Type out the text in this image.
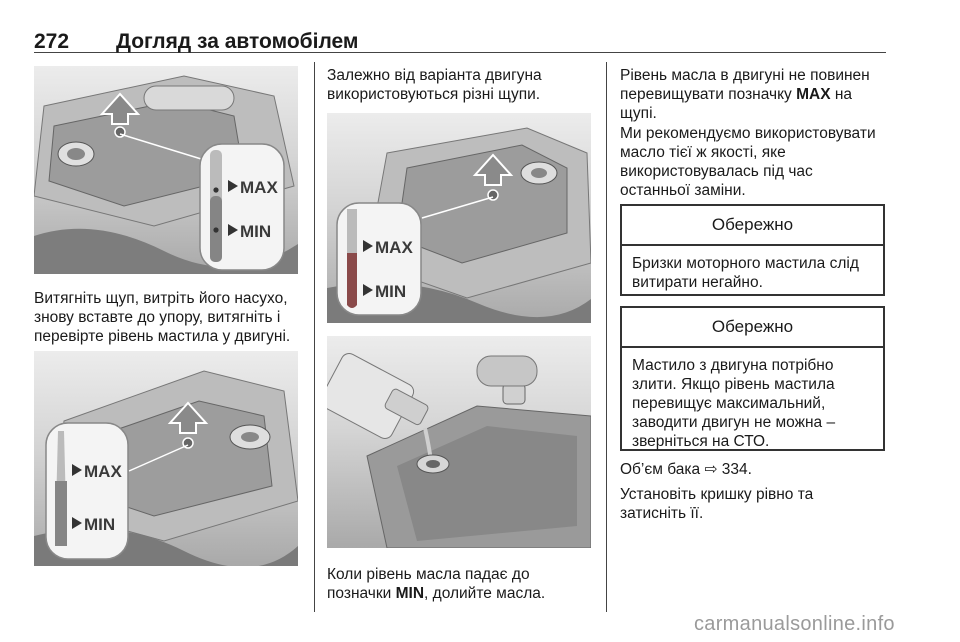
272 Догляд за автомобілем
MAX
MIN

Витягніть щуп, витріть його насухо,
знову вставте до упору, витягніть і
перевірте рівень мастила у двигуні.

MAX
MIN

Залежно від варіанта двигуна
використовуються різні щупи.

MAX
MIN

Коли рівень масла падає до
позначки MIN, долийте масла.

Рівень масла в двигуні не повинен
перевищувати позначку MAX на
щупі.

Ми рекомендуємо використовувати
масло тієї ж якості, яке
використовувалась під час
останньої заміни.

Обережно

Бризки моторного мастила слід
витирати негайно.

Обережно

Мастило з двигуна потрібно
злити. Якщо рівень мастила
перевищує максимальний,
заводити двигун не можна –
зверніться на СТО.

Об’єм бака ⇨ 334.

Установіть кришку рівно та
затисніть її.

carmanualsonline.info
